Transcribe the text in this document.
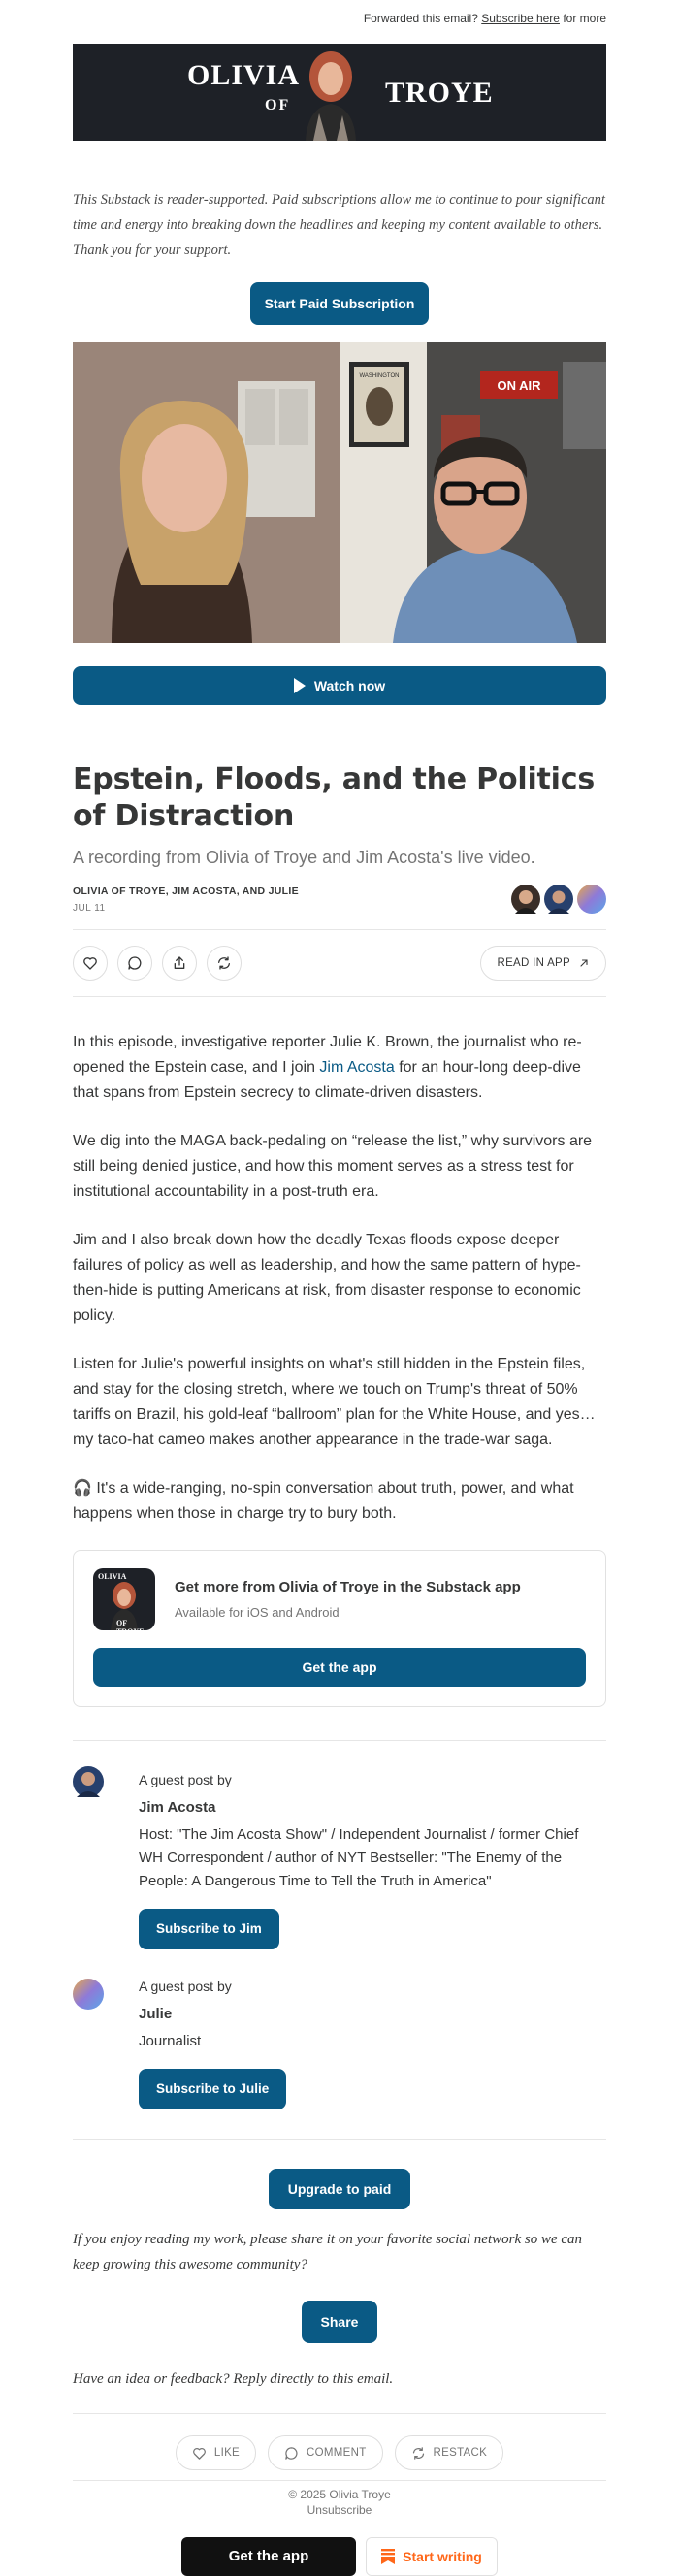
Forwarded this email? Subscribe here for more
OLIVIA
OF	TROYE

This Substack is reader-supported. Paid subscriptions allow me to continue to pour significant time and energy into breaking down the headlines and keeping my content available to others. Thank you for your support.

Start Paid Subscription
WASHINGTON
ON AIR
Watch now
Epstein, Floods, and the Politics of Distraction
A recording from Olivia of Troye and Jim Acosta's live video.
OLIVIA OF TROYE, JIM ACOSTA, AND JULIE
JUL 11
READ IN APP

In this episode, investigative reporter Julie K. Brown, the journalist who re-opened the Epstein case, and I join Jim Acosta for an hour-long deep-dive that spans from Epstein secrecy to climate-driven disasters.

We dig into the MAGA back-pedaling on “release the list,” why survivors are still being denied justice, and how this moment serves as a stress test for institutional accountability in a post-truth era.

Jim and I also break down how the deadly Texas floods expose deeper failures of policy as well as leadership, and how the same pattern of hype-then-hide is putting Americans at risk, from disaster response to economic policy.

Listen for Julie's powerful insights on what's still hidden in the Epstein files, and stay for the closing stretch, where we touch on Trump's threat of 50% tariffs on Brazil, his gold-leaf “ballroom” plan for the White House, and yes… my taco-hat cameo makes another appearance in the trade-war saga.

🎧 It's a wide-ranging, no-spin conversation about truth, power, and what happens when those in charge try to bury both.

OLIVIA
OF TROYE
Get more from Olivia of Troye in the Substack app
Available for iOS and Android
Get the app
A guest post by
Jim Acosta
Host: "The Jim Acosta Show" / Independent Journalist / former Chief WH Correspondent / author of NYT Bestseller: "The Enemy of the People: A Dangerous Time to Tell the Truth in America"
Subscribe to Jim
A guest post by
Julie
Journalist
Subscribe to Julie
Upgrade to paid

If you enjoy reading my work, please share it on your favorite social network so we can keep growing this awesome community?

Share

Have an idea or feedback? Reply directly to this email.

LIKE	COMMENT	RESTACK
© 2025 Olivia Troye
Unsubscribe
Get the app	Start writing
